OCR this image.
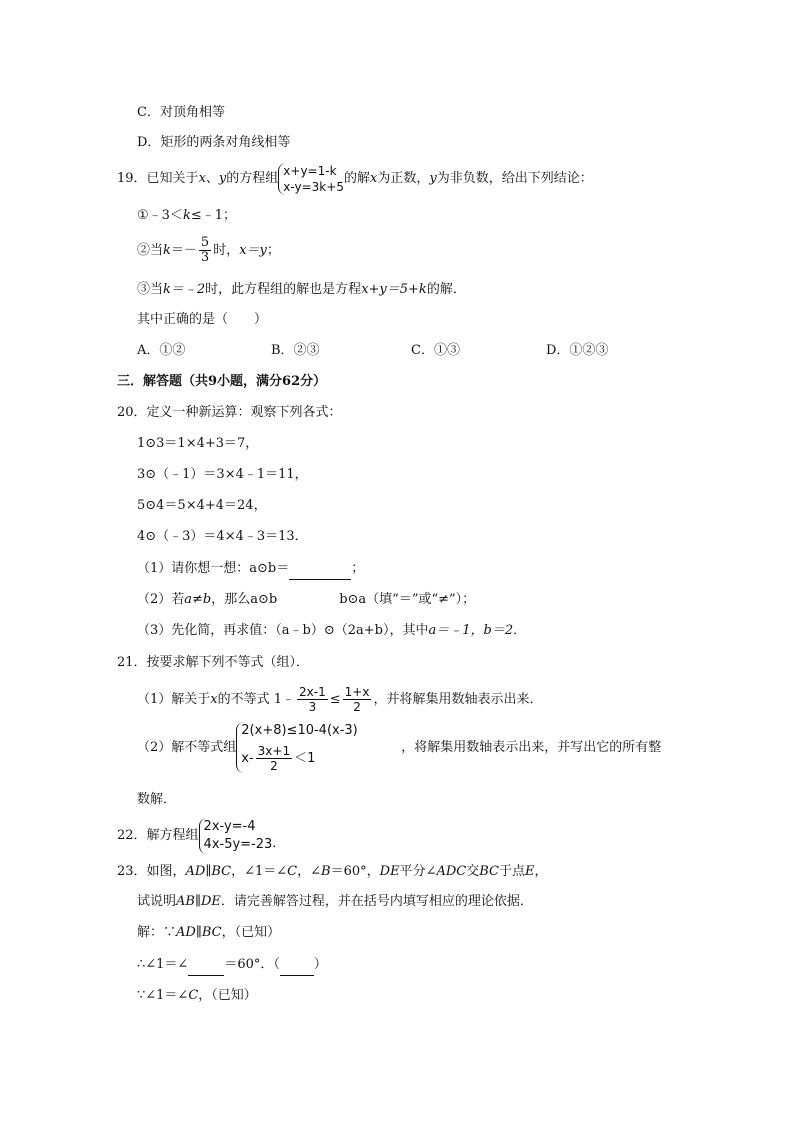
C．对顶角相等
D．矩形的两条对角线相等
19．已知关于x、y的方程组
x+y=1-k
x-y=3k+5
的解x为正数，y为非负数，给出下列结论：
①﹣3＜k≤﹣1；
②当$k=- \frac{5}{3}$ 时，x＝y；
③当k＝﹣2时，此方程组的解也是方程x+y＝5+k的解．
其中正确的是（　　）
A．①②	B．②③	C．①③	D．①②③
三．解答题（共9小题，满分62分）
20．定义一种新运算：观察下列各式：
1⊙3＝1×4+3＝7，
3⊙（﹣1）＝3×4﹣1＝11，
5⊙4＝5×4+4＝24，
4⊙（﹣3）＝4×4﹣3＝13．
（1）请你想一想：a⊙b＝	；
（2）若a≠b，那么a⊙b	b⊙a（填“＝”或“≠”）；
（3）先化简，再求值：（a﹣b）⊙（2a+b），其中a＝﹣1，b＝2．
21．按要求解下列不等式（组）．
（1）解关于x的不等式 1﹣ $\frac{2x-1}{3} \le \frac{1+x}{2}$ ，并将解集用数轴表示出来．
（2）解不等式组
2(x+8)≤10-4(x-3)
$x- \frac{3x+1}{2} <1$
，将解集用数轴表示出来，并写出它的所有整
数解．
22．解方程组
2x-y=-4
4x-5y=-23 ．
23．如图，AD∥BC，∠1＝∠C，∠B＝60°，DE平分∠ADC交BC于点E，
试说明AB∥DE．请完善解答过程，并在括号内填写相应的理论依据．
解：∵AD∥BC，（已知）
∴∠1＝∠	＝60°．（	）
∵∠1＝∠C，（已知）
